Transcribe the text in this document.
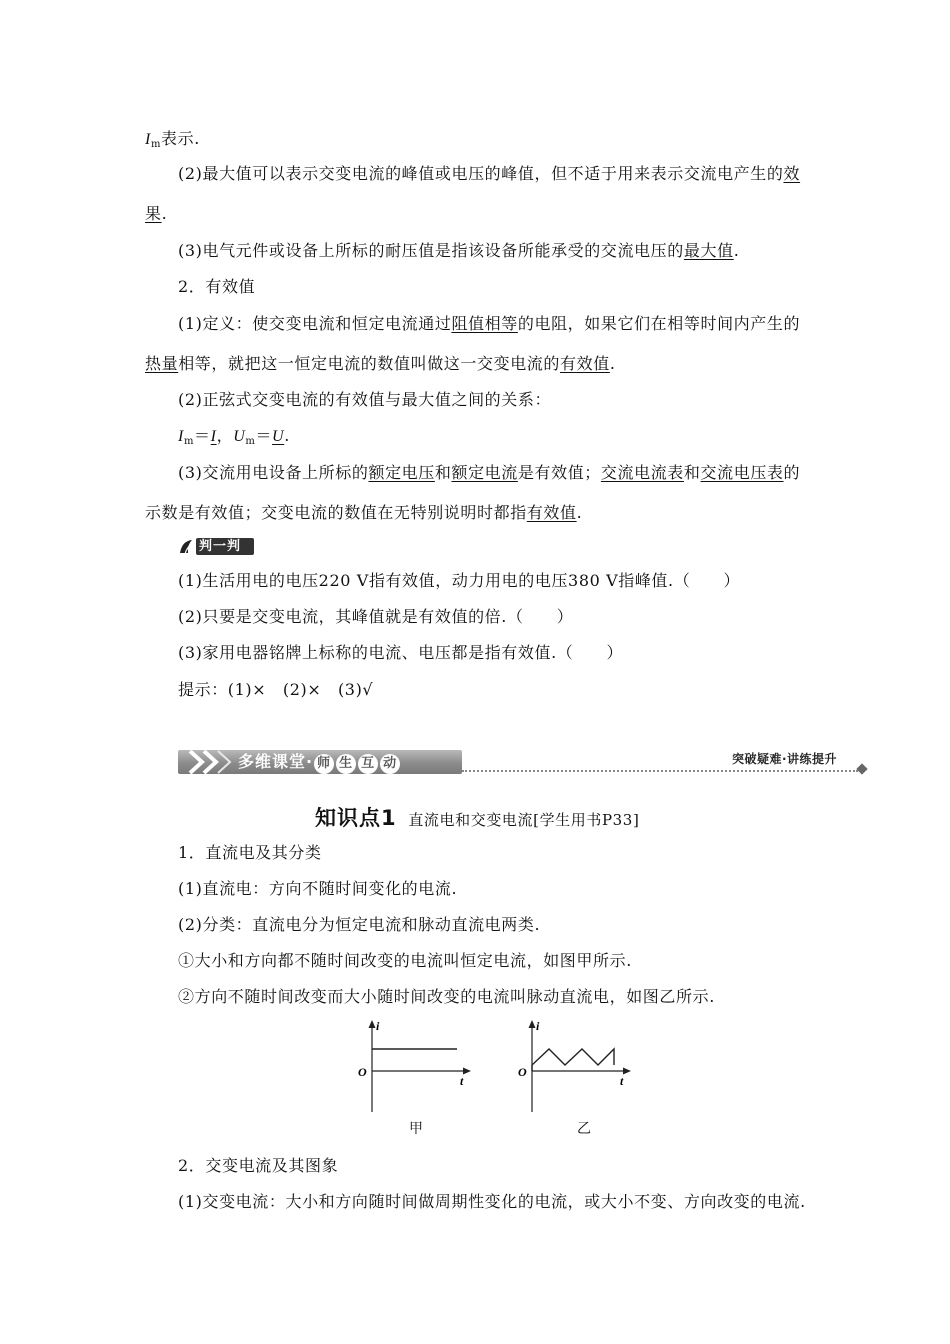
$I_m$表示.
(2)最大值可以表示交变电流的峰值或电压的峰值，但不适于用来表示交流电产生的效
果.
(3)电气元件或设备上所标的耐压值是指该设备所能承受的交流电压的最大值.
2．有效值
(1)定义：使交变电流和恒定电流通过阻值相等的电阻，如果它们在相等时间内产生的
热量相等，就把这一恒定电流的数值叫做这一交变电流的有效值.
(2)正弦式交变电流的有效值与最大值之间的关系：
$I_m=I$，$U_m=U$.
(3)交流用电设备上所标的额定电压和额定电流是有效值；交流电流表和交流电压表的
示数是有效值；交变电流的数值在无特别说明时都指有效值.
判一判
(1)生活用电的电压220 V指有效值，动力用电的电压380 V指峰值.（　　）
(2)只要是交变电流，其峰值就是有效值的倍.（　　）
(3)家用电器铭牌上标称的电流、电压都是指有效值.（　　）
提示：(1)×　(2)×　(3)√
多维课堂· 师 生 互 动	突破疑难·讲练提升
知识点1 直流电和交变电流[学生用书P33]
1．直流电及其分类
(1)直流电：方向不随时间变化的电流.
(2)分类：直流电分为恒定电流和脉动直流电两类.
①大小和方向都不随时间改变的电流叫恒定电流，如图甲所示.
②方向不随时间改变而大小随时间改变的电流叫脉动直流电，如图乙所示.
i
t
O
甲
i
t
O
乙
2．交变电流及其图象
(1)交变电流：大小和方向随时间做周期性变化的电流，或大小不变、方向改变的电流.
